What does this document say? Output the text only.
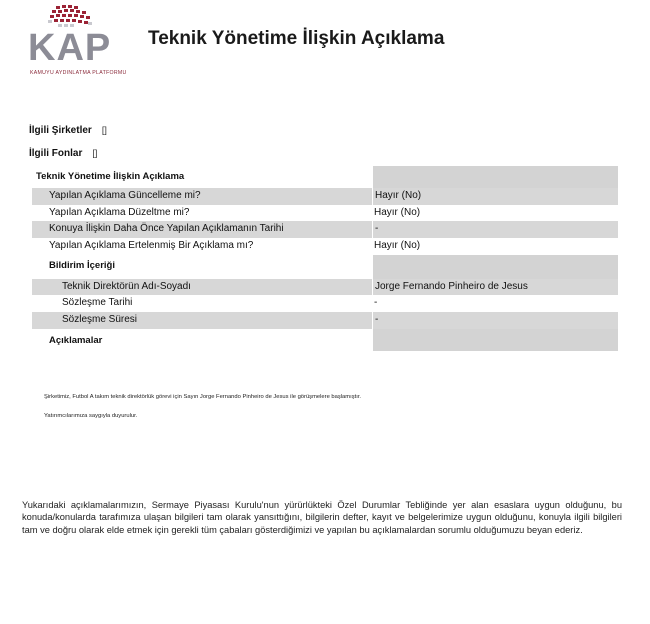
KAP
KAMUYU AYDINLATMA PLATFORMU
Teknik Yönetime İlişkin Açıklama
İlgili Şirketler []
İlgili Fonlar []
Teknik Yönetime İlişkin Açıklama
Yapılan Açıklama Güncelleme mi?	Hayır (No)
Yapılan Açıklama Düzeltme mi?	Hayır (No)
Konuya İlişkin Daha Önce Yapılan Açıklamanın Tarihi	-
Yapılan Açıklama Ertelenmiş Bir Açıklama mı?	Hayır (No)
Bildirim İçeriği
Teknik Direktörün Adı-Soyadı	Jorge Fernando Pinheiro de Jesus
Sözleşme Tarihi	-
Sözleşme Süresi	-
Açıklamalar
Şirketimiz, Futbol A takım teknik direktörlük görevi için Sayın Jorge Fernando Pinheiro de Jesus ile görüşmelere başlamıştır.
Yatırımcılarımıza saygıyla duyurulur.
Yukarıdaki açıklamalarımızın, Sermaye Piyasası Kurulu'nun yürürlükteki Özel Durumlar Tebliğinde yer alan esaslara uygun olduğunu, bu konuda/konularda tarafımıza ulaşan bilgileri tam olarak yansıttığını, bilgilerin defter, kayıt ve belgelerimize uygun olduğunu, konuyla ilgili bilgileri tam ve doğru olarak elde etmek için gerekli tüm çabaları gösterdiğimizi ve yapılan bu açıklamalardan sorumlu olduğumuzu beyan ederiz.
